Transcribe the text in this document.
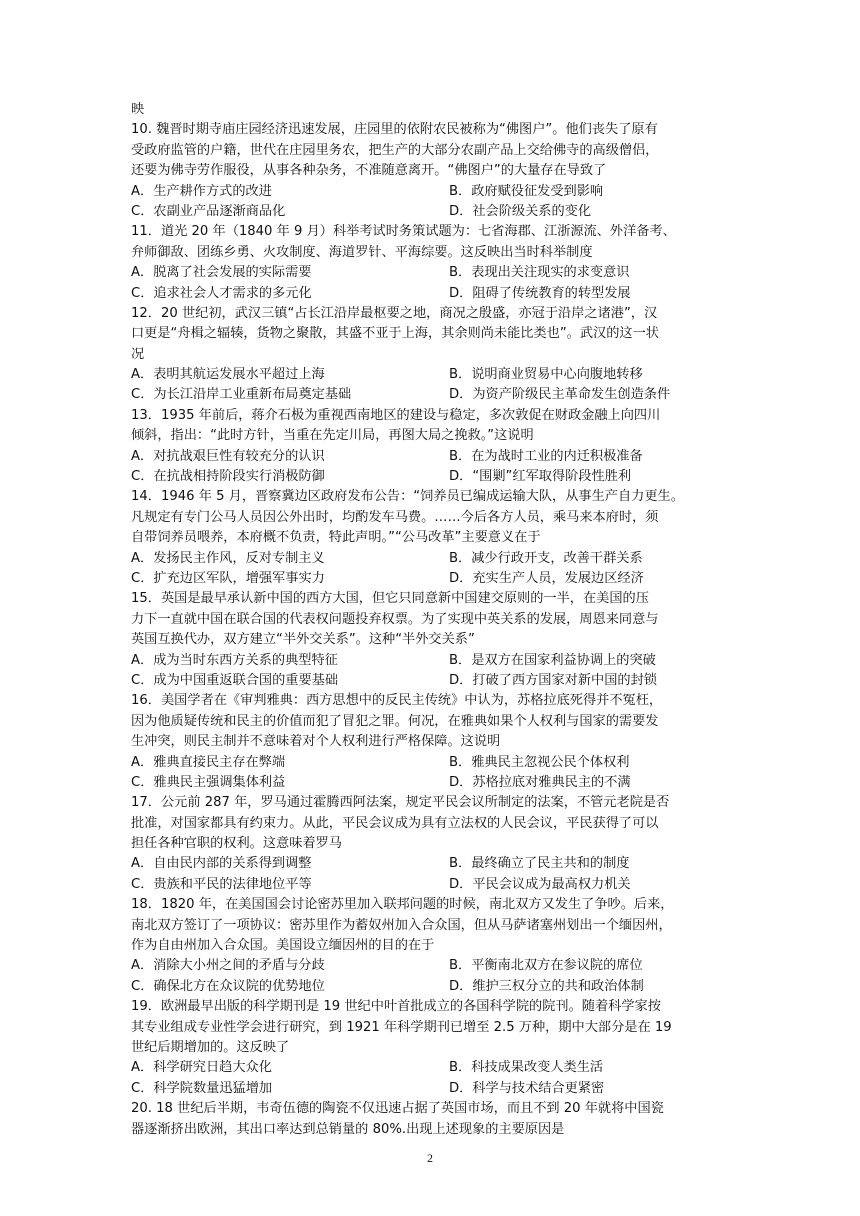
映
10. 魏晋时期寺庙庄园经济迅速发展，庄园里的依附农民被称为“佛图户”。他们丧失了原有
受政府监管的户籍，世代在庄园里务农，把生产的大部分农副产品上交给佛寺的高级僧侣，
还要为佛寺劳作服役，从事各种杂务，不准随意离开。“佛图户”的大量存在导致了
A．生产耕作方式的改进	B．政府赋役征发受到影响
C．农副业产品逐渐商品化	D．社会阶级关系的变化
11．道光 20 年（1840 年 9 月）科举考试时务策试题为：七省海郡、江浙源流、外洋备考、
弁师御敌、团练乡勇、火攻制度、海道罗针、平海综要。这反映出当时科举制度
A．脱离了社会发展的实际需要	B．表现出关注现实的求变意识
C．追求社会人才需求的多元化	D．阻碍了传统教育的转型发展
12．20 世纪初，武汉三镇“占长江沿岸最枢要之地，商况之殷盛，亦冠于沿岸之诸港”，汉
口更是“舟楫之辐辏，货物之聚散，其盛不亚于上海，其余则尚未能比类也”。武汉的这一状
况
A．表明其航运发展水平超过上海	B．说明商业贸易中心向腹地转移
C．为长江沿岸工业重新布局奠定基础	D．为资产阶级民主革命发生创造条件
13．1935 年前后，蒋介石极为重视西南地区的建设与稳定，多次敦促在财政金融上向四川
倾斜，指出：“此时方针，当重在先定川局，再图大局之挽救。”这说明
A．对抗战艰巨性有较充分的认识	B．在为战时工业的内迁积极准备
C．在抗战相持阶段实行消极防御	D．“围剿”红军取得阶段性胜利
14．1946 年 5 月，晋察冀边区政府发布公告：“饲养员已编成运输大队，从事生产自力更生。
凡规定有专门公马人员因公外出时，均酌发车马费。……今后各方人员，乘马来本府时，须
自带饲养员喂养，本府概不负责，特此声明。”“公马改革”主要意义在于
A．发扬民主作风，反对专制主义	B．减少行政开支，改善干群关系
C．扩充边区军队，增强军事实力	D．充实生产人员，发展边区经济
15．英国是最早承认新中国的西方大国，但它只同意新中国建交原则的一半，在美国的压
力下一直就中国在联合国的代表权问题投弃权票。为了实现中英关系的发展，周恩来同意与
英国互换代办，双方建立“半外交关系”。这种“半外交关系”
A．成为当时东西方关系的典型特征	B．是双方在国家利益协调上的突破
C．成为中国重返联合国的重要基础	D．打破了西方国家对新中国的封锁
16．美国学者在《审判雅典：西方思想中的反民主传统》中认为，苏格拉底死得并不冤枉，
因为他质疑传统和民主的价值而犯了冒犯之罪。何况，在雅典如果个人权利与国家的需要发
生冲突，则民主制并不意味着对个人权利进行严格保障。这说明
A．雅典直接民主存在弊端	B．雅典民主忽视公民个体权利
C．雅典民主强调集体利益	D．苏格拉底对雅典民主的不满
17．公元前 287 年，罗马通过霍腾西阿法案，规定平民会议所制定的法案，不管元老院是否
批准，对国家都具有约束力。从此，平民会议成为具有立法权的人民会议，平民获得了可以
担任各种官职的权利。这意味着罗马
A．自由民内部的关系得到调整	B．最终确立了民主共和的制度
C．贵族和平民的法律地位平等	D．平民会议成为最高权力机关
18．1820 年，在美国国会讨论密苏里加入联邦问题的时候，南北双方又发生了争吵。后来，
南北双方签订了一项协议：密苏里作为蓄奴州加入合众国，但从马萨诸塞州划出一个缅因州，
作为自由州加入合众国。美国设立缅因州的目的在于
A．消除大小州之间的矛盾与分歧	B．平衡南北双方在参议院的席位
C．确保北方在众议院的优势地位	D．维护三权分立的共和政治体制
19．欧洲最早出版的科学期刊是 19 世纪中叶首批成立的各国科学院的院刊。随着科学家按
其专业组成专业性学会进行研究，到 1921 年科学期刊已增至 2.5 万种，期中大部分是在 19
世纪后期增加的。这反映了
A．科学研究日趋大众化	B．科技成果改变人类生活
C．科学院数量迅猛增加	D．科学与技术结合更紧密
20. 18 世纪后半期，韦奇伍德的陶瓷不仅迅速占据了英国市场，而且不到 20 年就将中国瓷
器逐渐挤出欧洲，其出口率达到总销量的 80%.出现上述现象的主要原因是
2
